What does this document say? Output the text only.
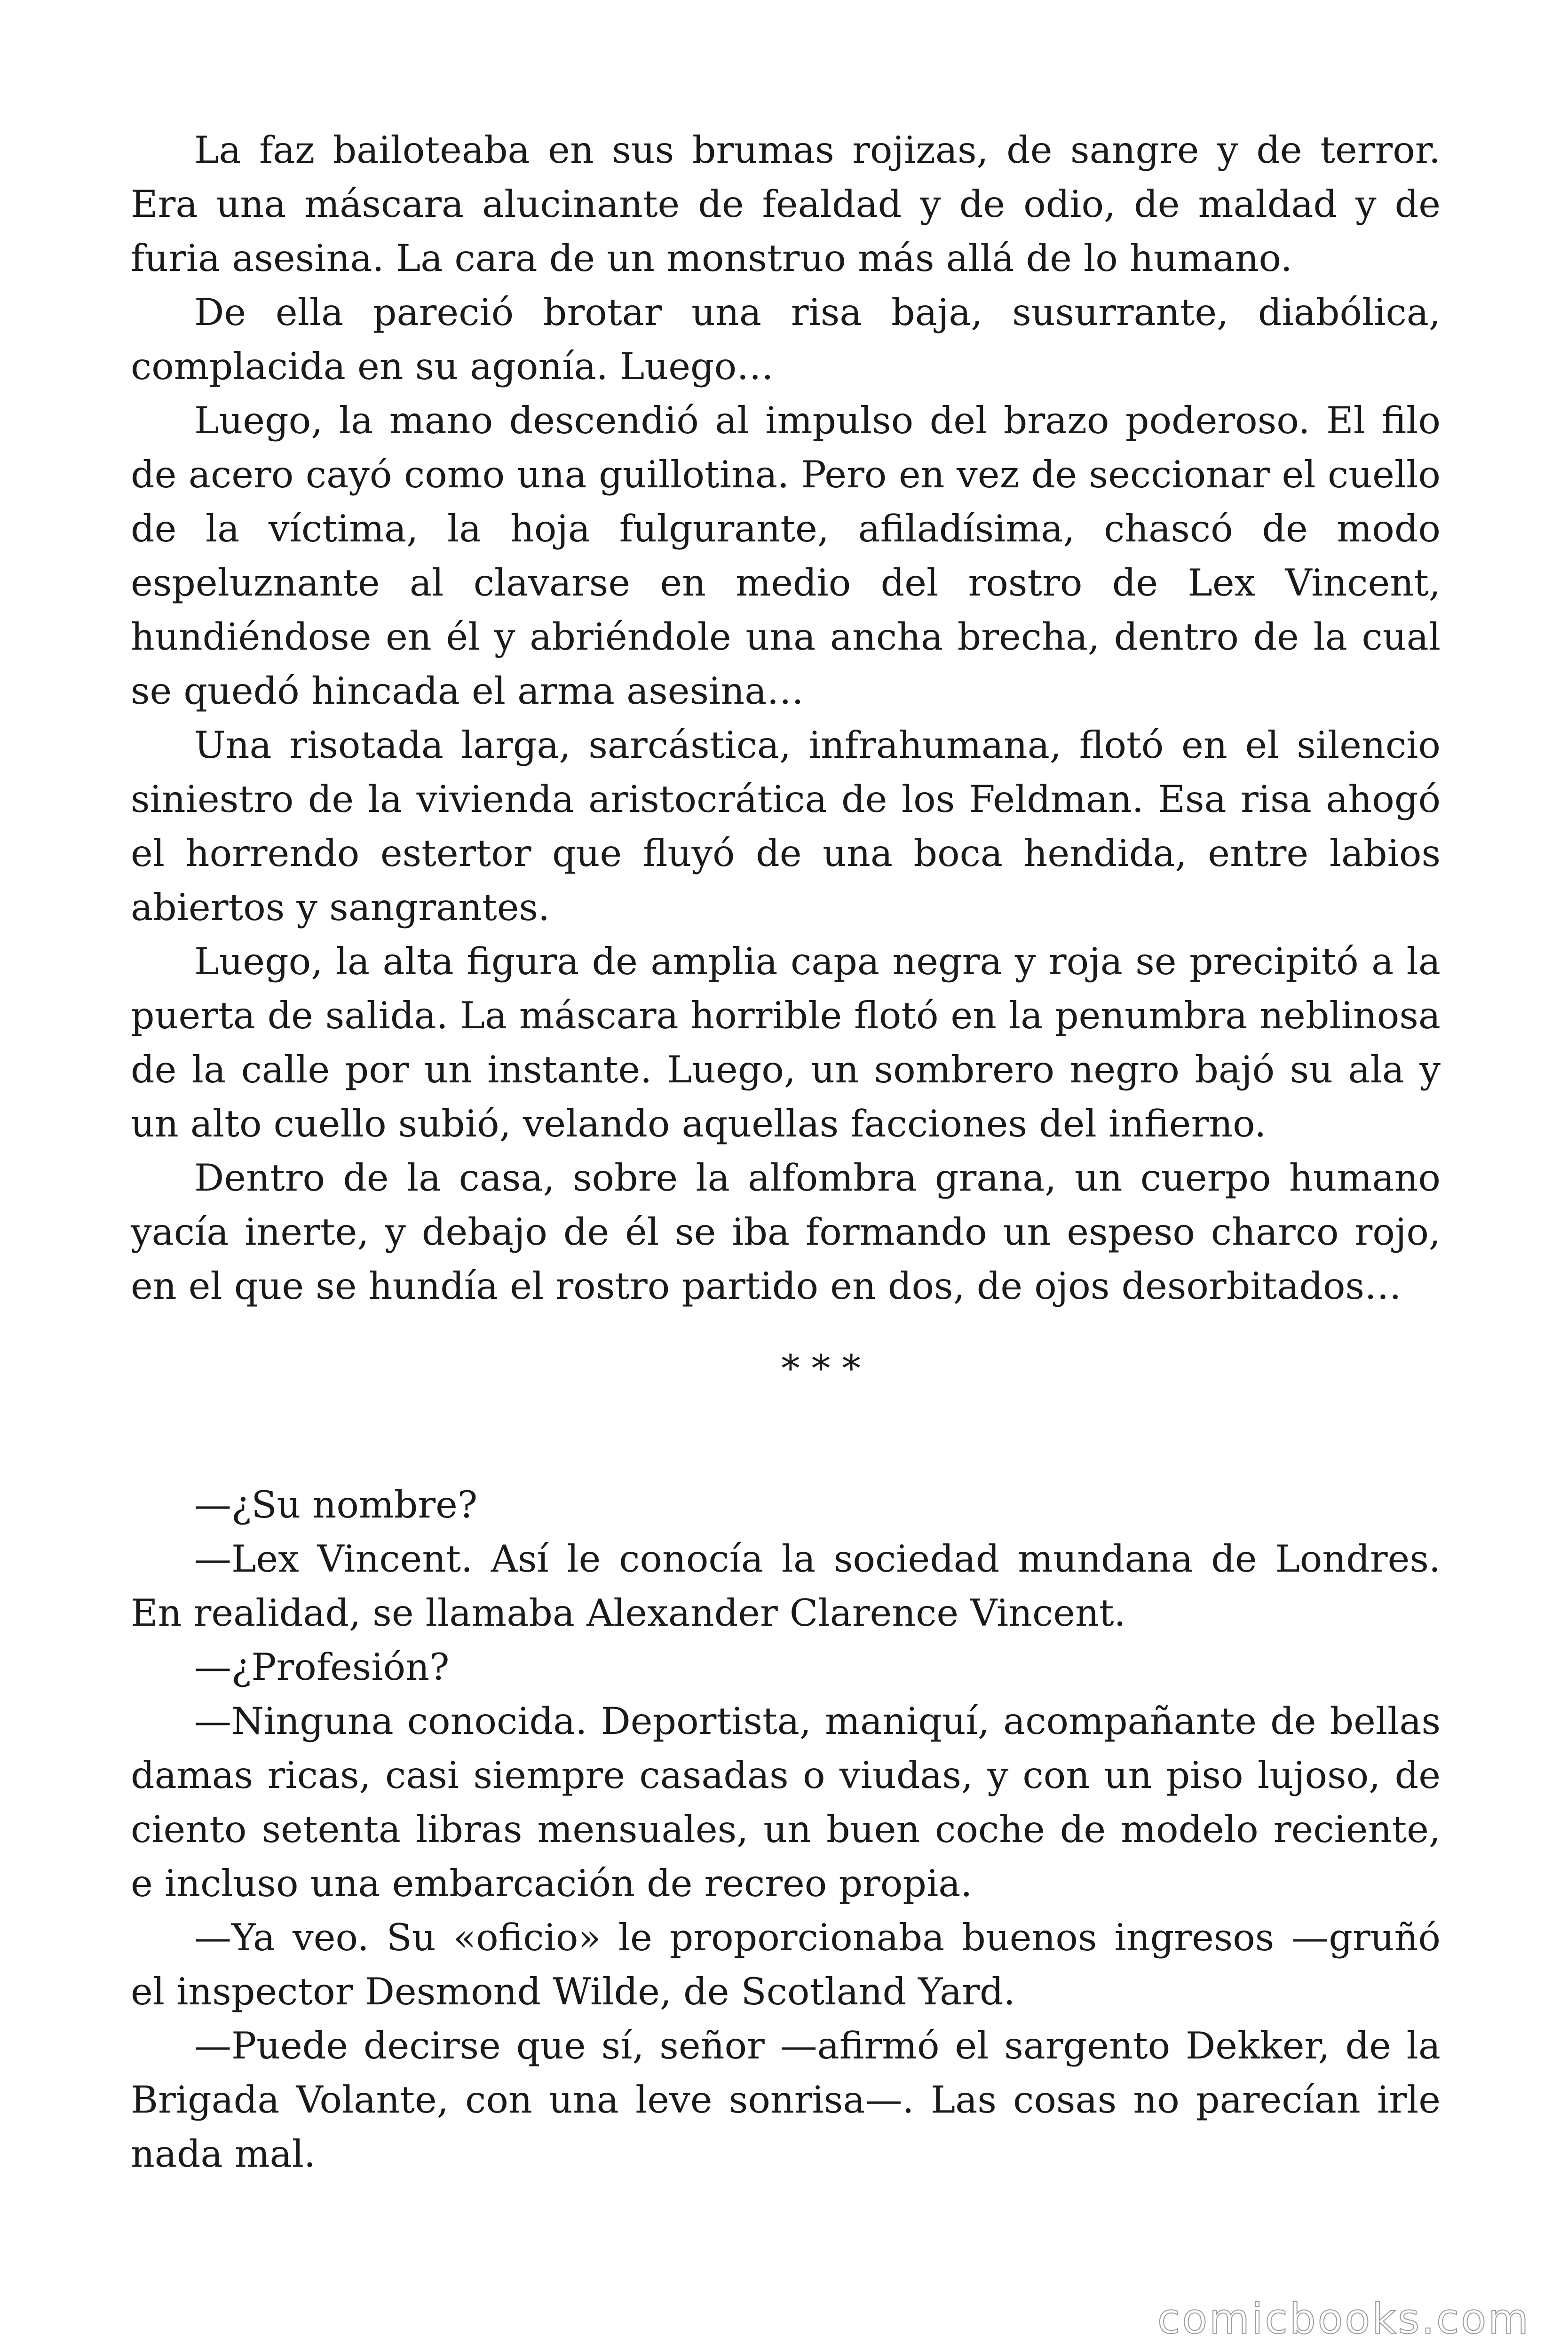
La faz bailoteaba en sus brumas rojizas, de sangre y de terror. Era una máscara alucinante de fealdad y de odio, de maldad y de furia asesina. La cara de un monstruo más allá de lo humano.

De ella pareció brotar una risa baja, susurrante, diabólica, complacida en su agonía. Luego…

Luego, la mano descendió al impulso del brazo poderoso. El filo de acero cayó como una guillotina. Pero en vez de seccionar el cuello de la víctima, la hoja fulgurante, afiladísima, chascó de modo espeluznante al clavarse en medio del rostro de Lex Vincent, hundiéndose en él y abriéndole una ancha brecha, dentro de la cual se quedó hincada el arma asesina…

Una risotada larga, sarcástica, infrahumana, flotó en el silencio siniestro de la vivienda aristocrática de los Feldman. Esa risa ahogó el horrendo estertor que fluyó de una boca hendida, entre labios abiertos y sangrantes.

Luego, la alta figura de amplia capa negra y roja se precipitó a la puerta de salida. La máscara horrible flotó en la penumbra neblinosa de la calle por un instante. Luego, un sombrero negro bajó su ala y un alto cuello subió, velando aquellas facciones del infierno.

Dentro de la casa, sobre la alfombra grana, un cuerpo humano yacía inerte, y debajo de él se iba formando un espeso charco rojo, en el que se hundía el rostro partido en dos, de ojos desorbitados…

* * *

—¿Su nombre?

—Lex Vincent. Así le conocía la sociedad mundana de Londres. En realidad, se llamaba Alexander Clarence Vincent.

—¿Profesión?

—Ninguna conocida. Deportista, maniquí, acompañante de bellas damas ricas, casi siempre casadas o viudas, y con un piso lujoso, de ciento setenta libras mensuales, un buen coche de modelo reciente, e incluso una embarcación de recreo propia.

—Ya veo. Su «oficio» le proporcionaba buenos ingresos —gruñó el inspector Desmond Wilde, de Scotland Yard.

—Puede decirse que sí, señor —afirmó el sargento Dekker, de la Brigada Volante, con una leve sonrisa—. Las cosas no parecían irle nada mal.

comicbooks.com
